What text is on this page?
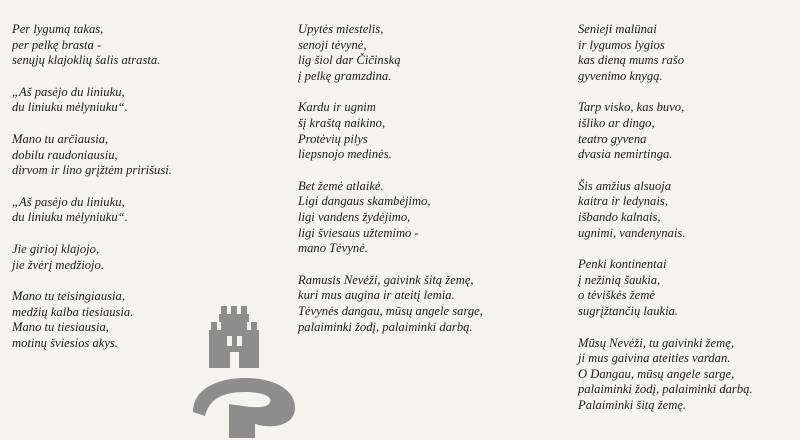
Per lygumą takas,
per pelkę brasta -
senųjų klajoklių šalis atrasta.
„Aš pasėjo du liniuku,
du liniuku mėlyniuku“.
Mano tu arčiausia,
dobilu raudoniausiu,
dirvom ir lino grįžtėm pririšusi.
„Aš pasėjo du liniuku,
du liniuku mėlyniuku“.
Jie girioj klajojo,
jie žvėrį medžiojo.
Mano tu teisingiausia,
medžių kalba tiesiausia.
Mano tu tiesiausia,
motinų šviesios akys.
Upytės miestelis,
senoji tėvynė,
lig šiol dar Čičinską
į pelkę gramzdina.
Kardu ir ugnim
šį kraštą naikino,
Protėvių pilys
liepsnojo medinės.
Bet žemė atlaikė.
Ligi dangaus skambėjimo,
ligi vandens žydėjimo,
ligi šviesaus užtemimo -
mano Tėvynė.
Ramusis Nevėži, gaivink šitą žemę,
kuri mus augina ir ateitį lemia.
Tėvynės dangau, mūsų angele sarge,
palaiminki žodį, palaiminki darbą.
Senieji malūnai
ir lygumos lygios
kas dieną mums rašo
gyvenimo knygą.
Tarp visko, kas buvo,
išliko ar dingo,
teatro gyvena
dvasia nemirtinga.
Šis amžius alsuoja
kaitra ir ledynais,
išbando kalnais,
ugnimi, vandenynais.
Penki kontinentai
į nežinią šaukia,
o tėviškės žemė
sugrįžtančių laukia.
Mūsų Nevėži, tu gaivinki žemę,
ji mus gaivina ateities vardan.
O Dangau, mūsų angele sarge,
palaiminki žodį, palaiminki darbą.
Palaiminki šitą žemę.
